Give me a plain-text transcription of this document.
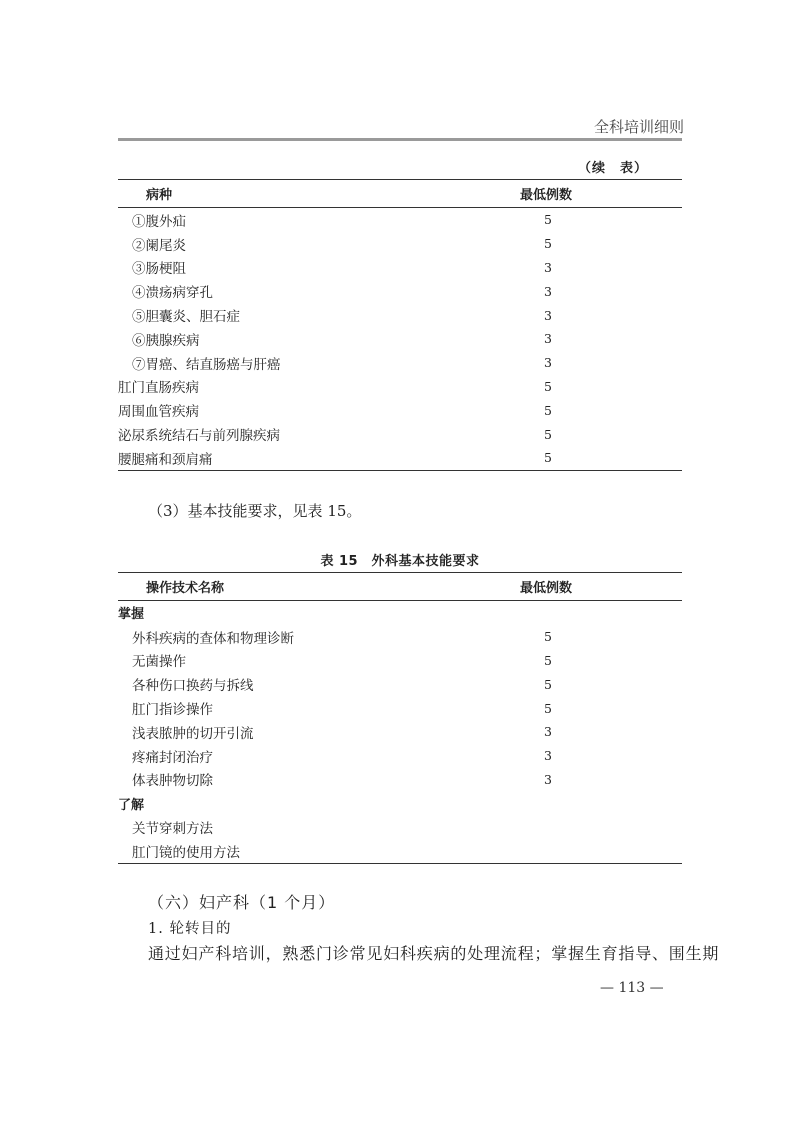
全科培训细则
（续　表）
病种	最低例数
①腹外疝	5
②阑尾炎	5
③肠梗阻	3
④溃疡病穿孔	3
⑤胆囊炎、胆石症	3
⑥胰腺疾病	3
⑦胃癌、结直肠癌与肝癌	3
肛门直肠疾病	5
周围血管疾病	5
泌尿系统结石与前列腺疾病	5
腰腿痛和颈肩痛	5
（3）基本技能要求，见表 15。
表 15　外科基本技能要求
操作技术名称	最低例数
掌握
外科疾病的查体和物理诊断	5
无菌操作	5
各种伤口换药与拆线	5
肛门指诊操作	5
浅表脓肿的切开引流	3
疼痛封闭治疗	3
体表肿物切除	3
了解
关节穿刺方法
肛门镜的使用方法
（六）妇产科（1 个月）
1. 轮转目的
通过妇产科培训，熟悉门诊常见妇科疾病的处理流程；掌握生育指导、围生期
— 113 —
